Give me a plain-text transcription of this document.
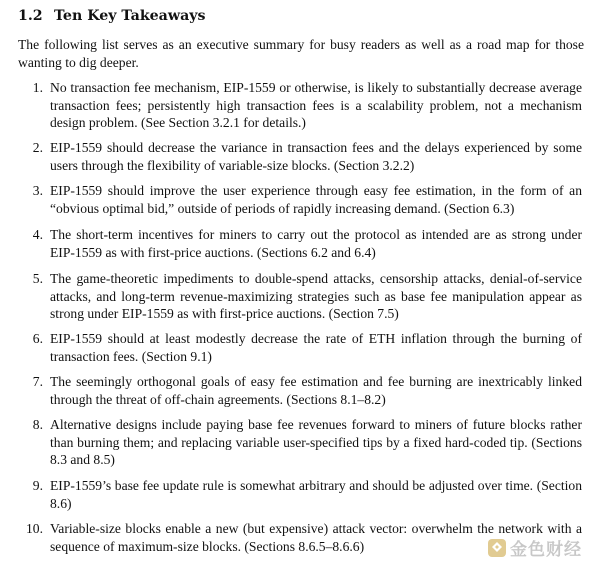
1.2 Ten Key Takeaways

The following list serves as an executive summary for busy readers as well as a road map for those wanting to dig deeper.

1. No transaction fee mechanism, EIP-1559 or otherwise, is likely to substantially decrease average transaction fees; persistently high transaction fees is a scalability problem, not a mechanism design problem. (See Section 3.2.1 for details.)
2. EIP-1559 should decrease the variance in transaction fees and the delays experienced by some users through the flexibility of variable-size blocks. (Section 3.2.2)
3. EIP-1559 should improve the user experience through easy fee estimation, in the form of an “obvious optimal bid,” outside of periods of rapidly increasing demand. (Section 6.3)
4. The short-term incentives for miners to carry out the protocol as intended are as strong under EIP-1559 as with first-price auctions. (Sections 6.2 and 6.4)
5. The game-theoretic impediments to double-spend attacks, censorship attacks, denial-of-service attacks, and long-term revenue-maximizing strategies such as base fee manipulation appear as strong under EIP-1559 as with first-price auctions. (Section 7.5)
6. EIP-1559 should at least modestly decrease the rate of ETH inflation through the burning of transaction fees. (Section 9.1)
7. The seemingly orthogonal goals of easy fee estimation and fee burning are inextricably linked through the threat of off-chain agreements. (Sections 8.1–8.2)
8. Alternative designs include paying base fee revenues forward to miners of future blocks rather than burning them; and replacing variable user-specified tips by a fixed hard-coded tip. (Sections 8.3 and 8.5)
9. EIP-1559’s base fee update rule is somewhat arbitrary and should be adjusted over time. (Section 8.6)
10. Variable-size blocks enable a new (but expensive) attack vector: overwhelm the network with a sequence of maximum-size blocks. (Sections 8.6.5–8.6.6)	金色财经
